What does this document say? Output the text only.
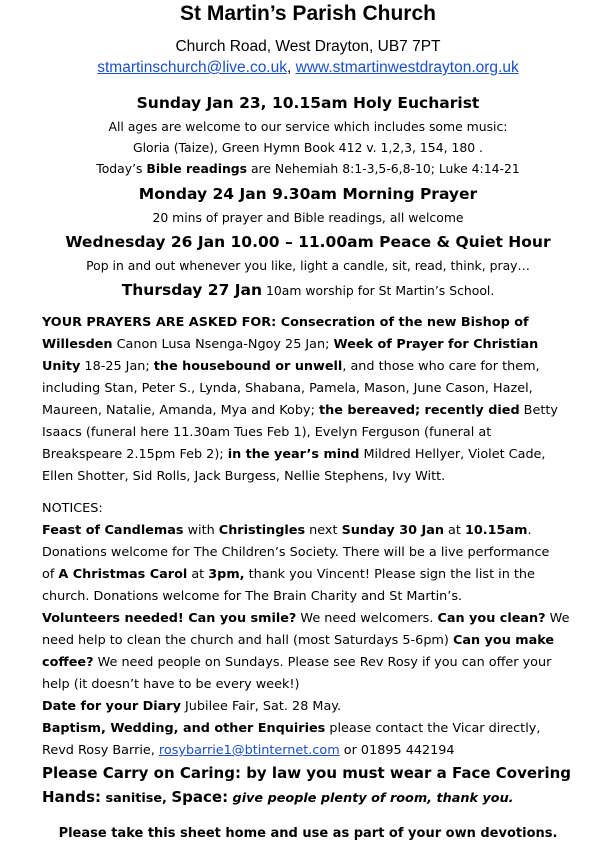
St Martin’s Parish Church
Church Road, West Drayton, UB7 7PT
stmartinschurch@live.co.uk, www.stmartinwestdrayton.org.uk
Sunday Jan 23, 10.15am Holy Eucharist
All ages are welcome to our service which includes some music:
Gloria (Taize), Green Hymn Book 412 v. 1,2,3, 154, 180 .
Today’s Bible readings are Nehemiah 8:1-3,5-6,8-10; Luke 4:14-21
Monday 24 Jan 9.30am Morning Prayer
20 mins of prayer and Bible readings, all welcome
Wednesday 26 Jan 10.00 – 11.00am Peace & Quiet Hour
Pop in and out whenever you like, light a candle, sit, read, think, pray…
Thursday 27 Jan 10am worship for St Martin’s School.
YOUR PRAYERS ARE ASKED FOR: Consecration of the new Bishop of
Willesden Canon Lusa Nsenga-Ngoy 25 Jan; Week of Prayer for Christian
Unity 18-25 Jan; the housebound or unwell, and those who care for them,
including Stan, Peter S., Lynda, Shabana, Pamela, Mason, June Cason, Hazel,
Maureen, Natalie, Amanda, Mya and Koby; the bereaved; recently died Betty
Isaacs (funeral here 11.30am Tues Feb 1), Evelyn Ferguson (funeral at
Breakspeare 2.15pm Feb 2); in the year’s mind Mildred Hellyer, Violet Cade,
Ellen Shotter, Sid Rolls, Jack Burgess, Nellie Stephens, Ivy Witt.
NOTICES:
Feast of Candlemas with Christingles next Sunday 30 Jan at 10.15am.
Donations welcome for The Children’s Society. There will be a live performance
of A Christmas Carol at 3pm, thank you Vincent! Please sign the list in the
church. Donations welcome for The Brain Charity and St Martin’s.
Volunteers needed! Can you smile? We need welcomers. Can you clean? We
need help to clean the church and hall (most Saturdays 5-6pm) Can you make
coffee? We need people on Sundays. Please see Rev Rosy if you can offer your
help (it doesn’t have to be every week!)
Date for your Diary Jubilee Fair, Sat. 28 May.
Baptism, Wedding, and other Enquiries please contact the Vicar directly,
Revd Rosy Barrie, rosybarrie1@btinternet.com or 01895 442194
Please Carry on Caring: by law you must wear a Face Covering
Hands: sanitise, Space: give people plenty of room, thank you.
Please take this sheet home and use as part of your own devotions.
